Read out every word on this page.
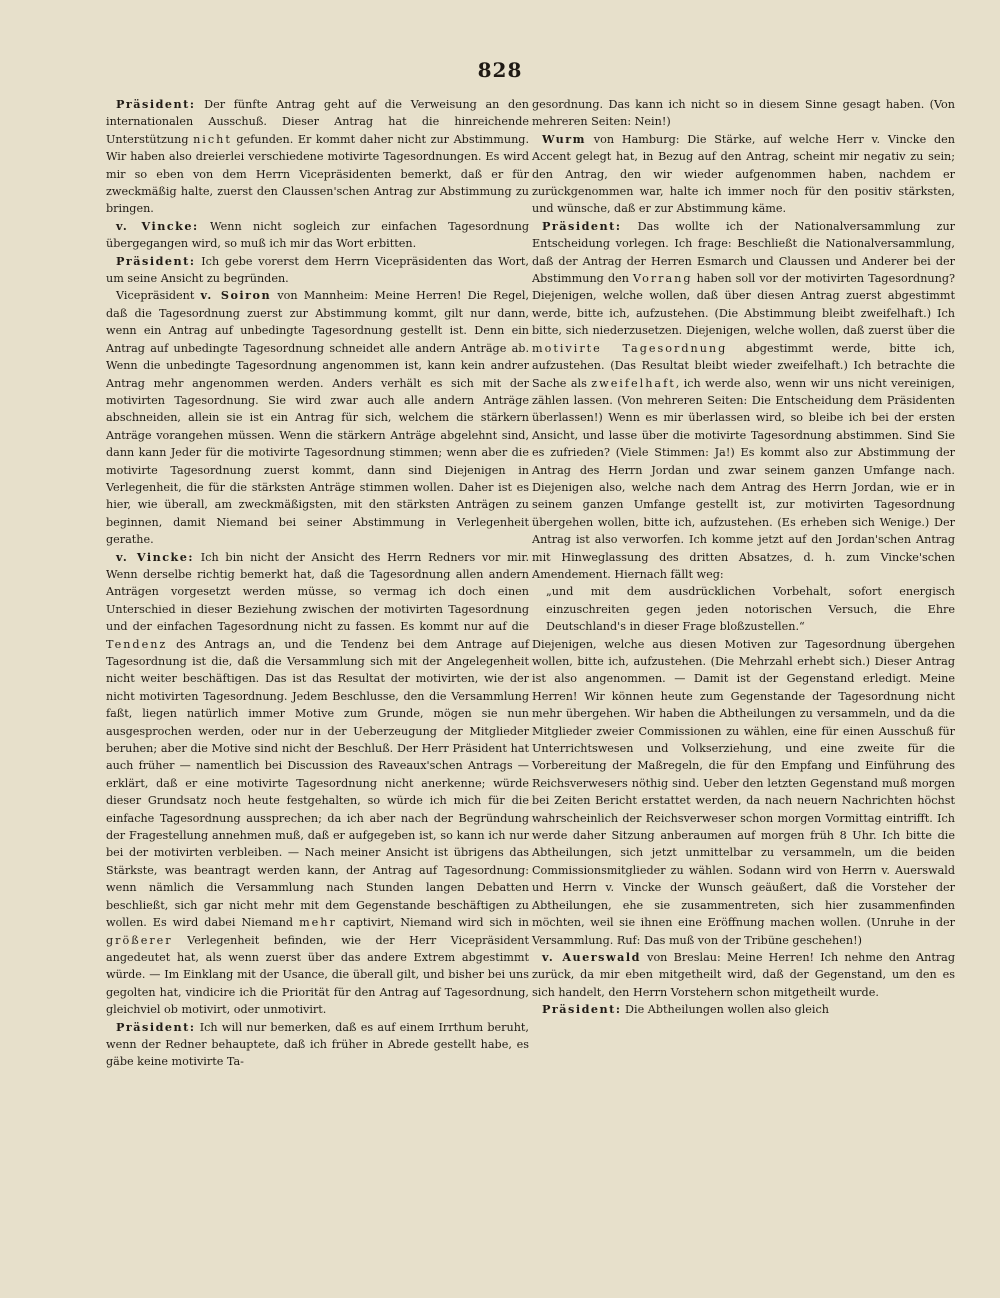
828

Präsident: Der fünfte Antrag geht auf die Verweisung an den internationalen Ausschuß. Dieser Antrag hat die hinreichende Unterstützung nicht gefunden. Er kommt daher nicht zur Abstimmung. Wir haben also dreierlei verschiedene motivirte Tagesordnungen. Es wird mir so eben von dem Herrn Vicepräsidenten bemerkt, daß er für zweckmäßig halte, zuerst den Claussen'schen Antrag zur Abstimmung zu bringen.

v. Vincke: Wenn nicht sogleich zur einfachen Tagesordnung übergegangen wird, so muß ich mir das Wort erbitten.

Präsident: Ich gebe vorerst dem Herrn Vicepräsidenten das Wort, um seine Ansicht zu begründen.

Vicepräsident v. Soiron von Mannheim: Meine Herren! Die Regel, daß die Tagesordnung zuerst zur Abstimmung kommt, gilt nur dann, wenn ein Antrag auf unbedingte Tagesordnung gestellt ist. Denn ein Antrag auf unbedingte Tagesordnung schneidet alle andern Anträge ab. Wenn die unbedingte Tagesordnung angenommen ist, kann kein andrer Antrag mehr angenommen werden. Anders verhält es sich mit der motivirten Tagesordnung. Sie wird zwar auch alle andern Anträge abschneiden, allein sie ist ein Antrag für sich, welchem die stärkern Anträge vorangehen müssen. Wenn die stärkern Anträge abgelehnt sind, dann kann Jeder für die motivirte Tagesordnung stimmen; wenn aber die motivirte Tagesordnung zuerst kommt, dann sind Diejenigen in Verlegenheit, die für die stärksten Anträge stimmen wollen. Daher ist es hier, wie überall, am zweckmäßigsten, mit den stärksten Anträgen zu beginnen, damit Niemand bei seiner Abstimmung in Verlegenheit gerathe.

v. Vincke: Ich bin nicht der Ansicht des Herrn Redners vor mir. Wenn derselbe richtig bemerkt hat, daß die Tagesordnung allen andern Anträgen vorgesetzt werden müsse, so vermag ich doch einen Unterschied in dieser Beziehung zwischen der motivirten Tagesordnung und der einfachen Tagesordnung nicht zu fassen. Es kommt nur auf die Tendenz des Antrags an, und die Tendenz bei dem Antrage auf Tagesordnung ist die, daß die Versammlung sich mit der Angelegenheit nicht weiter beschäftigen. Das ist das Resultat der motivirten, wie der nicht motivirten Tagesordnung. Jedem Beschlusse, den die Versammlung faßt, liegen natürlich immer Motive zum Grunde, mögen sie nun ausgesprochen werden, oder nur in der Ueberzeugung der Mitglieder beruhen; aber die Motive sind nicht der Beschluß. Der Herr Präsident hat auch früher — namentlich bei Discussion des Raveaux'schen Antrags — erklärt, daß er eine motivirte Tagesordnung nicht anerkenne; würde dieser Grundsatz noch heute festgehalten, so würde ich mich für die einfache Tagesordnung aussprechen; da ich aber nach der Begründung der Fragestellung annehmen muß, daß er aufgegeben ist, so kann ich nur bei der motivirten verbleiben. — Nach meiner Ansicht ist übrigens das Stärkste, was beantragt werden kann, der Antrag auf Tagesordnung: wenn nämlich die Versammlung nach Stunden langen Debatten beschließt, sich gar nicht mehr mit dem Gegenstande beschäftigen zu wollen. Es wird dabei Niemand mehr captivirt, Niemand wird sich in größerer Verlegenheit befinden, wie der Herr Vicepräsident angedeutet hat, als wenn zuerst über das andere Extrem abgestimmt würde. — Im Einklang mit der Usance, die überall gilt, und bisher bei uns gegolten hat, vindicire ich die Priorität für den Antrag auf Tagesordnung, gleichviel ob motivirt, oder unmotivirt.

Präsident: Ich will nur bemerken, daß es auf einem Irrthum beruht, wenn der Redner behauptete, daß ich früher in Abrede gestellt habe, es gäbe keine motivirte Ta-

gesordnung. Das kann ich nicht so in diesem Sinne gesagt haben. (Von mehreren Seiten: Nein!)

Wurm von Hamburg: Die Stärke, auf welche Herr v. Vincke den Accent gelegt hat, in Bezug auf den Antrag, scheint mir negativ zu sein; den Antrag, den wir wieder aufgenommen haben, nachdem er zurückgenommen war, halte ich immer noch für den positiv stärksten, und wünsche, daß er zur Abstimmung käme.

Präsident: Das wollte ich der Nationalversammlung zur Entscheidung vorlegen. Ich frage: Beschließt die Nationalversammlung, daß der Antrag der Herren Esmarch und Claussen und Anderer bei der Abstimmung den Vorrang haben soll vor der motivirten Tagesordnung? Diejenigen, welche wollen, daß über diesen Antrag zuerst abgestimmt werde, bitte ich, aufzustehen. (Die Abstimmung bleibt zweifelhaft.) Ich bitte, sich niederzusetzen. Diejenigen, welche wollen, daß zuerst über die motivirte Tagesordnung abgestimmt werde, bitte ich, aufzustehen. (Das Resultat bleibt wieder zweifelhaft.) Ich betrachte die Sache als zweifelhaft, ich werde also, wenn wir uns nicht vereinigen, zählen lassen. (Von mehreren Seiten: Die Entscheidung dem Präsidenten überlassen!) Wenn es mir überlassen wird, so bleibe ich bei der ersten Ansicht, und lasse über die motivirte Tagesordnung abstimmen. Sind Sie es zufrieden? (Viele Stimmen: Ja!) Es kommt also zur Abstimmung der Antrag des Herrn Jordan und zwar seinem ganzen Umfange nach. Diejenigen also, welche nach dem Antrag des Herrn Jordan, wie er in seinem ganzen Umfange gestellt ist, zur motivirten Tagesordnung übergehen wollen, bitte ich, aufzustehen. (Es erheben sich Wenige.) Der Antrag ist also verworfen. Ich komme jetzt auf den Jordan'schen Antrag mit Hinweglassung des dritten Absatzes, d. h. zum Vincke'schen Amendement. Hiernach fällt weg:

„und mit dem ausdrücklichen Vorbehalt, sofort energisch einzuschreiten gegen jeden notorischen Versuch, die Ehre Deutschland's in dieser Frage bloßzustellen.“

Diejenigen, welche aus diesen Motiven zur Tagesordnung übergehen wollen, bitte ich, aufzustehen. (Die Mehrzahl erhebt sich.) Dieser Antrag ist also angenommen. — Damit ist der Gegenstand erledigt. Meine Herren! Wir können heute zum Gegenstande der Tagesordnung nicht mehr übergehen. Wir haben die Abtheilungen zu versammeln, und da die Mitglieder zweier Commissionen zu wählen, eine für einen Ausschuß für Unterrichtswesen und Volkserziehung, und eine zweite für die Vorbereitung der Maßregeln, die für den Empfang und Einführung des Reichsverwesers nöthig sind. Ueber den letzten Gegenstand muß morgen bei Zeiten Bericht erstattet werden, da nach neuern Nachrichten höchst wahrscheinlich der Reichsverweser schon morgen Vormittag eintrifft. Ich werde daher Sitzung anberaumen auf morgen früh 8 Uhr. Ich bitte die Abtheilungen, sich jetzt unmittelbar zu versammeln, um die beiden Commissionsmitglieder zu wählen. Sodann wird von Herrn v. Auerswald und Herrn v. Vincke der Wunsch geäußert, daß die Vorsteher der Abtheilungen, ehe sie zusammentreten, sich hier zusammenfinden möchten, weil sie ihnen eine Eröffnung machen wollen. (Unruhe in der Versammlung. Ruf: Das muß von der Tribüne geschehen!)

v. Auerswald von Breslau: Meine Herren! Ich nehme den Antrag zurück, da mir eben mitgetheilt wird, daß der Gegenstand, um den es sich handelt, den Herrn Vorstehern schon mitgetheilt wurde.

Präsident: Die Abtheilungen wollen also gleich
